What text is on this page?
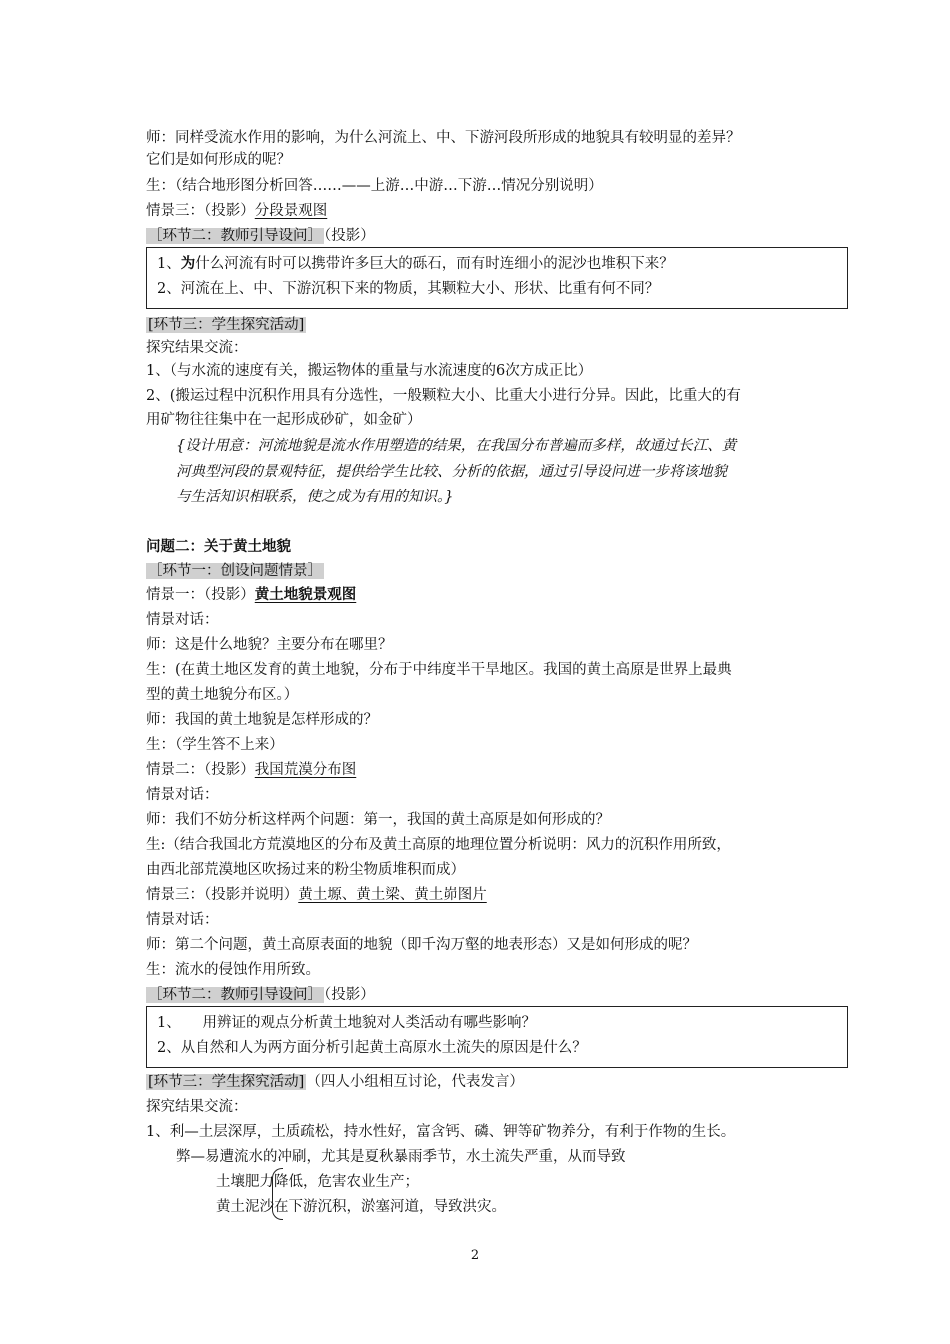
师：同样受流水作用的影响，为什么河流上、中、下游河段所形成的地貌具有较明显的差异？
它们是如何形成的呢？
生：（结合地形图分析回答……——上游…中游…下游…情况分别说明）
情景三：（投影）分段景观图
［环节二：教师引导设问］ （投影）
1、为什么河流有时可以携带许多巨大的砾石，而有时连细小的泥沙也堆积下来？
2、河流在上、中、下游沉积下来的物质，其颗粒大小、形状、比重有何不同？
[环节三：学生探究活动]
探究结果交流：
1、（与水流的速度有关，搬运物体的重量与水流速度的6次方成正比）
2、(搬运过程中沉积作用具有分选性，一般颗粒大小、比重大小进行分异。因此，比重大的有
用矿物往往集中在一起形成砂矿，如金矿）
{设计用意：河流地貌是流水作用塑造的结果，在我国分布普遍而多样，故通过长江、黄
河典型河段的景观特征，提供给学生比较、分析的依据，通过引导设问进一步将该地貌
与生活知识相联系，使之成为有用的知识。}
问题二：关于黄土地貌
［环节一：创设问题情景］
情景一：（投影）黄土地貌景观图
情景对话：
师：这是什么地貌？主要分布在哪里？
生：(在黄土地区发育的黄土地貌，分布于中纬度半干旱地区。我国的黄土高原是世界上最典
型的黄土地貌分布区。）
师：我国的黄土地貌是怎样形成的？
生：（学生答不上来）
情景二：（投影）我国荒漠分布图
情景对话：
师：我们不妨分析这样两个问题：第一，我国的黄土高原是如何形成的？
生:（结合我国北方荒漠地区的分布及黄土高原的地理位置分析说明：风力的沉积作用所致，
由西北部荒漠地区吹扬过来的粉尘物质堆积而成）
情景三：（投影并说明）黄土塬、黄土梁、黄土峁图片
情景对话：
师：第二个问题，黄土高原表面的地貌（即千沟万壑的地表形态）又是如何形成的呢？
生：流水的侵蚀作用所致。
［环节二：教师引导设问］ （投影）
1、　　用辨证的观点分析黄土地貌对人类活动有哪些影响？
2、从自然和人为两方面分析引起黄土高原水土流失的原因是什么？
[环节三：学生探究活动] （四人小组相互讨论，代表发言）
探究结果交流：
1、利—土层深厚，土质疏松，持水性好，富含钙、磷、钾等矿物养分，有利于作物的生长。
弊—易遭流水的冲刷，尤其是夏秋暴雨季节，水土流失严重，从而导致
土壤肥力降低，危害农业生产；
黄土泥沙在下游沉积，淤塞河道，导致洪灾。
2
